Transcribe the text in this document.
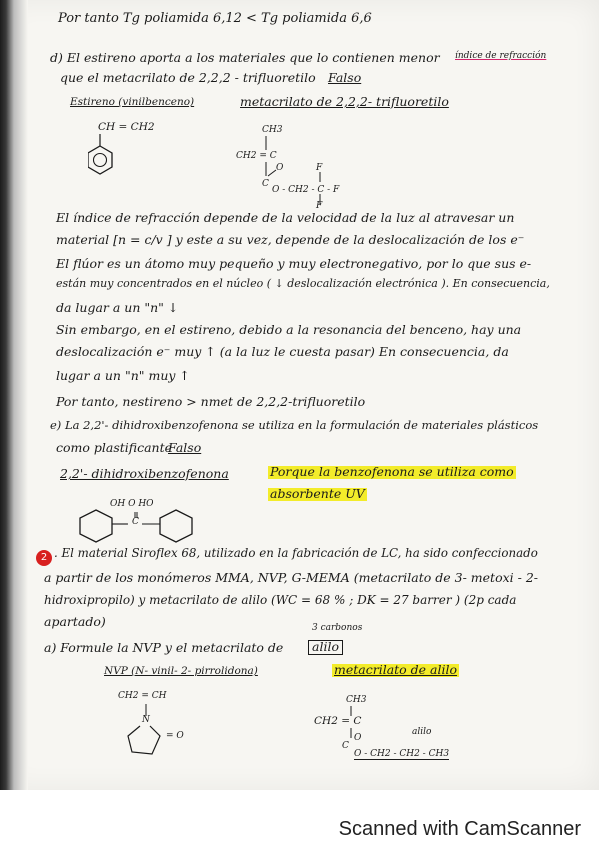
Por tanto Tg poliamida 6,12 < Tg poliamida 6,6
d) El estireno aporta a los materiales que lo contienen menor índice de refracción
que el metacrilato de 2,2,2 - trifluoretilo Falso
Estireno (vinilbenceno)	metacrilato de 2,2,2- trifluoretilo
CH = CH2	CH3
CH2 = C
O
C
O - CH2 - C - F
F
F
El índice de refracción depende de la velocidad de la luz al atravesar un
material [n = c/v ] y este a su vez, depende de la deslocalización de los e⁻
El flúor es un átomo muy pequeño y muy electronegativo, por lo que sus e-
están muy concentrados en el núcleo ( ↓ deslocalización electrónica ). En consecuencia,
da lugar a un "n" ↓
Sin embargo, en el estireno, debido a la resonancia del benceno, hay una
deslocalización e⁻ muy ↑ (a la luz le cuesta pasar) En consecuencia, da
lugar a un "n" muy ↑
Por tanto, nestireno > nmet de 2,2,2-trifluoretilo
e) La 2,2'- dihidroxibenzofenona se utiliza en la formulación de materiales plásticos
como plastificante
Falso
2,2'- dihidroxibenzofenona	Porque la benzofenona se utiliza como
absorbente UV
OH O HO
C
2 . El material Siroflex 68, utilizado en la fabricación de LC, ha sido confeccionado
a partir de los monómeros MMA, NVP, G-MEMA (metacrilato de 3- metoxi - 2-
hidroxipropilo) y metacrilato de alilo (WC = 68 % ; DK = 27 barrer ) (2p cada
apartado)	3 carbonos
a) Formule la NVP y el metacrilato de	alilo
NVP (N- vinil- 2- pirrolidona)	metacrilato de alilo
CH2 = CH
N
= O
CH3
CH2 = C
O
C
alilo
O - CH2 - CH2 - CH3
Scanned with CamScanner
